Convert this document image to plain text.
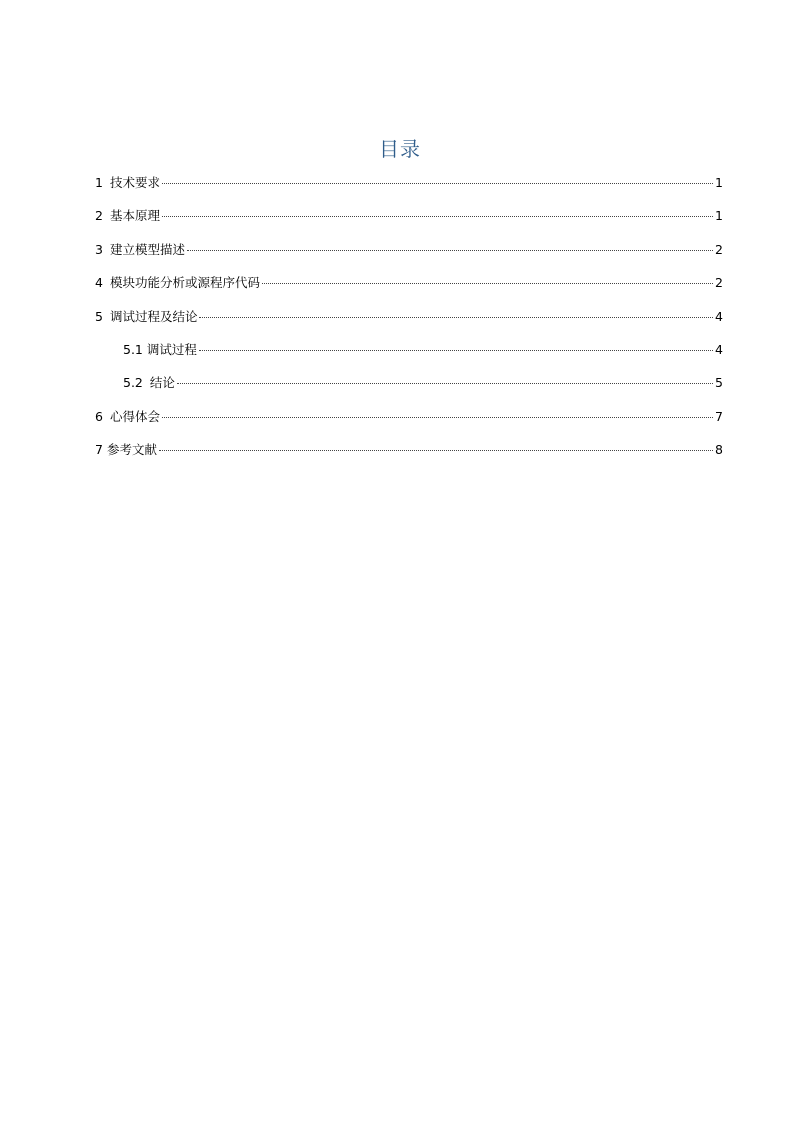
目录
1 技术要求	1
2 基本原理	1
3 建立模型描述	2
4 模块功能分析或源程序代码	2
5 调试过程及结论	4
5.1 调试过程	4
5.2 结论	5
6 心得体会	7
7 参考文献	8
